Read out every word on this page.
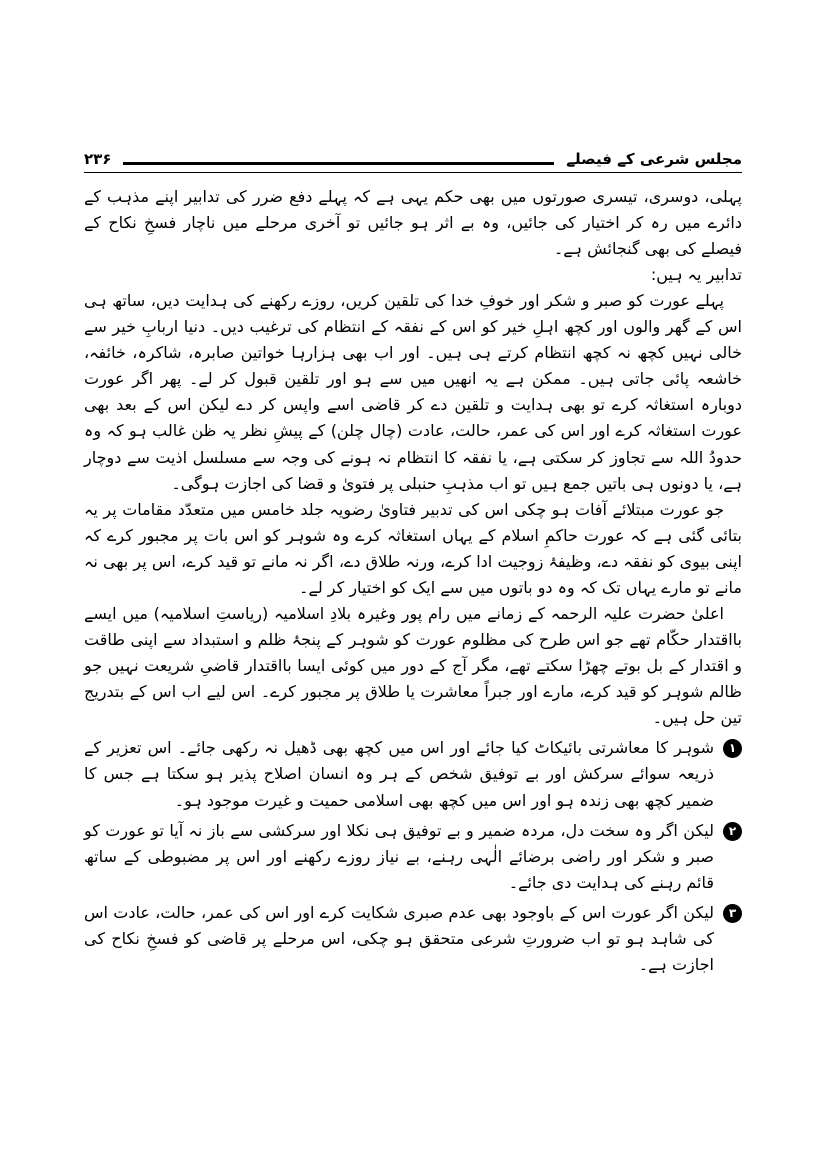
مجلس شرعی کے فیصلے
۲۳۶

پہلی، دوسری، تیسری صورتوں میں بھی حکم یہی ہے کہ پہلے دفع ضرر کی تدابیر اپنے مذہب کے دائرے میں رہ کر اختیار کی جائیں، وہ بے اثر ہو جائیں تو آخری مرحلے میں ناچار فسخِ نکاح کے فیصلے کی بھی گنجائش ہے۔

تدابیر یہ ہیں:

پہلے عورت کو صبر و شکر اور خوفِ خدا کی تلقین کریں، روزے رکھنے کی ہدایت دیں، ساتھ ہی اس کے گھر والوں اور کچھ اہلِ خیر کو اس کے نفقہ کے انتظام کی ترغیب دیں۔ دنیا اربابِ خیر سے خالی نہیں کچھ نہ کچھ انتظام کرتے ہی ہیں۔ اور اب بھی ہزارہا خواتین صابرہ، شاکرہ، خائفہ، خاشعہ پائی جاتی ہیں۔ ممکن ہے یہ انھیں میں سے ہو اور تلقین قبول کر لے۔ پھر اگر عورت دوبارہ استغاثہ کرے تو بھی ہدایت و تلقین دے کر قاضی اسے واپس کر دے لیکن اس کے بعد بھی عورت استغاثہ کرے اور اس کی عمر، حالت، عادت (چال چلن) کے پیشِ نظر یہ ظن غالب ہو کہ وہ حدودُ اللہ سے تجاوز کر سکتی ہے، یا نفقہ کا انتظام نہ ہونے کی وجہ سے مسلسل اذیت سے دوچار ہے، یا دونوں ہی باتیں جمع ہیں تو اب مذہبِ حنبلی پر فتویٰ و قضا کی اجازت ہوگی۔

جو عورت مبتلائے آفات ہو چکی اس کی تدبیر فتاویٰ رضویہ جلد خامس میں متعدّد مقامات پر یہ بتائی گئی ہے کہ عورت حاکمِ اسلام کے یہاں استغاثہ کرے وہ شوہر کو اس بات پر مجبور کرے کہ اپنی بیوی کو نفقہ دے، وظیفۂ زوجیت ادا کرے، ورنہ طلاق دے، اگر نہ مانے تو قید کرے، اس پر بھی نہ مانے تو مارے یہاں تک کہ وہ دو باتوں میں سے ایک کو اختیار کر لے۔

اعلیٰ حضرت علیہ الرحمہ کے زمانے میں رام پور وغیرہ بلادِ اسلامیہ (ریاستِ اسلامیہ) میں ایسے بااقتدار حکّام تھے جو اس طرح کی مظلوم عورت کو شوہر کے پنجۂ ظلم و استبداد سے اپنی طاقت و اقتدار کے بل بوتے چھڑا سکتے تھے، مگر آج کے دور میں کوئی ایسا بااقتدار قاضیِ شریعت نہیں جو ظالم شوہر کو قید کرے، مارے اور جبراً معاشرت یا طلاق پر مجبور کرے۔ اس لیے اب اس کے بتدریج تین حل ہیں۔

۱
شوہر کا معاشرتی بائیکاٹ کیا جائے اور اس میں کچھ بھی ڈھیل نہ رکھی جائے۔ اس تعزیر کے ذریعہ سوائے سرکش اور بے توفیق شخص کے ہر وہ انسان اصلاح پذیر ہو سکتا ہے جس کا ضمیر کچھ بھی زندہ ہو اور اس میں کچھ بھی اسلامی حمیت و غیرت موجود ہو۔
۲
لیکن اگر وہ سخت دل، مردہ ضمیر و بے توفیق ہی نکلا اور سرکشی سے باز نہ آیا تو عورت کو صبر و شکر اور راضی برضائے الٰہی رہنے، بے نیاز روزے رکھنے اور اس پر مضبوطی کے ساتھ قائم رہنے کی ہدایت دی جائے۔
۳
لیکن اگر عورت اس کے باوجود بھی عدم صبری شکایت کرے اور اس کی عمر، حالت، عادت اس کی شاہد ہو تو اب ضرورتِ شرعی متحقق ہو چکی، اس مرحلے پر قاضی کو فسخِ نکاح کی اجازت ہے۔
